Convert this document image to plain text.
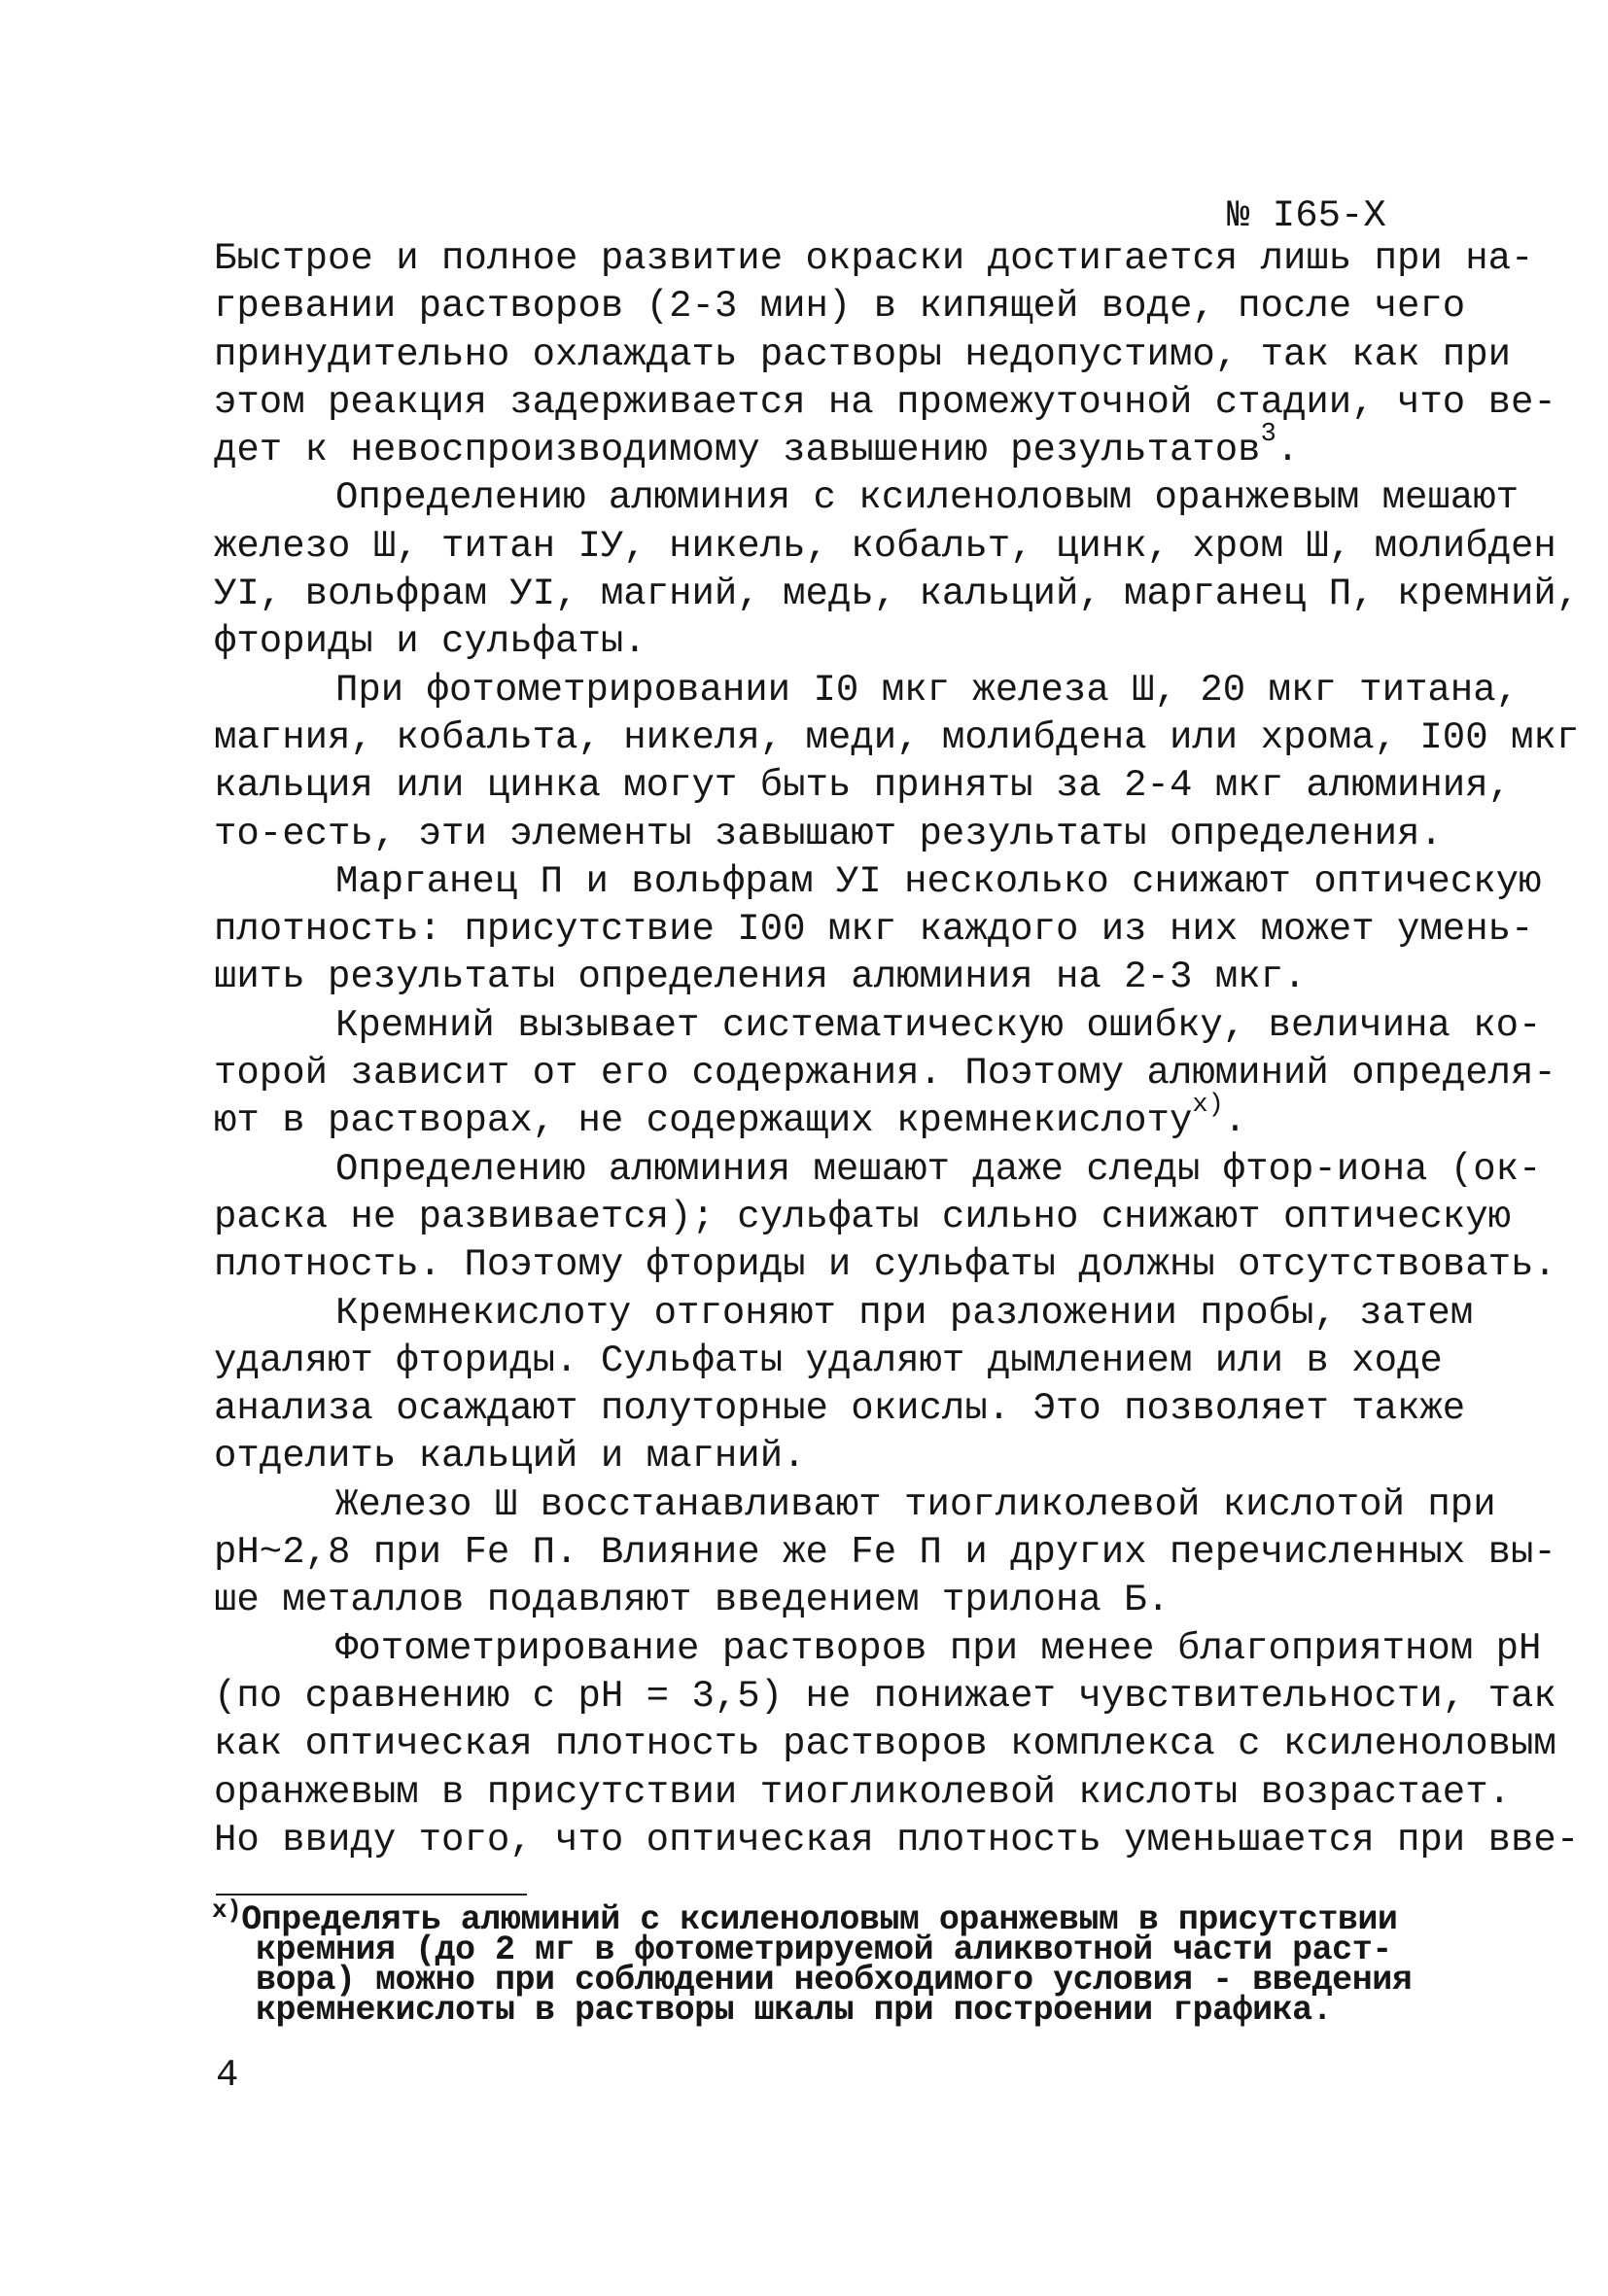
№ I65-X
Быстрое и полное развитие окраски достигается лишь при на-
гревании растворов (2-3 мин) в кипящей воде, после чего
принудительно охлаждать растворы недопустимо, так как при
этом реакция задерживается на промежуточной стадии, что ве-
дет к невоспроизводимому завышению результатов$^3$.
Определению алюминия с ксиленоловым оранжевым мешают
железо Ш, титан IУ, никель, кобальт, цинк, хром Ш, молибден
УI, вольфрам УI, магний, медь, кальций, марганец П, кремний,
фториды и сульфаты.
При фотометрировании I0 мкг железа Ш, 20 мкг титана,
магния, кобальта, никеля, меди, молибдена или хрома, I00 мкг
кальция или цинка могут быть приняты за 2-4 мкг алюминия,
то-есть, эти элементы завышают результаты определения.
Марганец П и вольфрам УI несколько снижают оптическую
плотность: присутствие I00 мкг каждого из них может умень-
шить результаты определения алюминия на 2-3 мкг.
Кремний вызывает систематическую ошибку, величина ко-
торой зависит от его содержания. Поэтому алюминий определя-
ют в растворах, не содержащих кремнекислоту$^{х)}$.
Определению алюминия мешают даже следы фтор-иона (ок-
раска не развивается); сульфаты сильно снижают оптическую
плотность. Поэтому фториды и сульфаты должны отсутствовать.
Кремнекислоту отгоняют при разложении пробы, затем
удаляют фториды. Сульфаты удаляют дымлением или в ходе
анализа осаждают полуторные окислы. Это позволяет также
отделить кальций и магний.
Железо Ш восстанавливают тиогликолевой кислотой при
pH~2,8 при Fe П. Влияние же Fe П и других перечисленных вы-
ше металлов подавляют введением трилона Б.
Фотометрирование растворов при менее благоприятном pH
(по сравнению с pH = 3,5) не понижает чувствительности, так
как оптическая плотность растворов комплекса с ксиленоловым
оранжевым в присутствии тиогликолевой кислоты возрастает.
Но ввиду того, что оптическая плотность уменьшается при вве-
$^{х)}$Определять алюминий с ксиленоловым оранжевым в присутствии
кремния (до 2 мг в фотометрируемой аликвотной части раст-
вора) можно при соблюдении необходимого условия - введения
кремнекислоты в растворы шкалы при построении графика.
4
